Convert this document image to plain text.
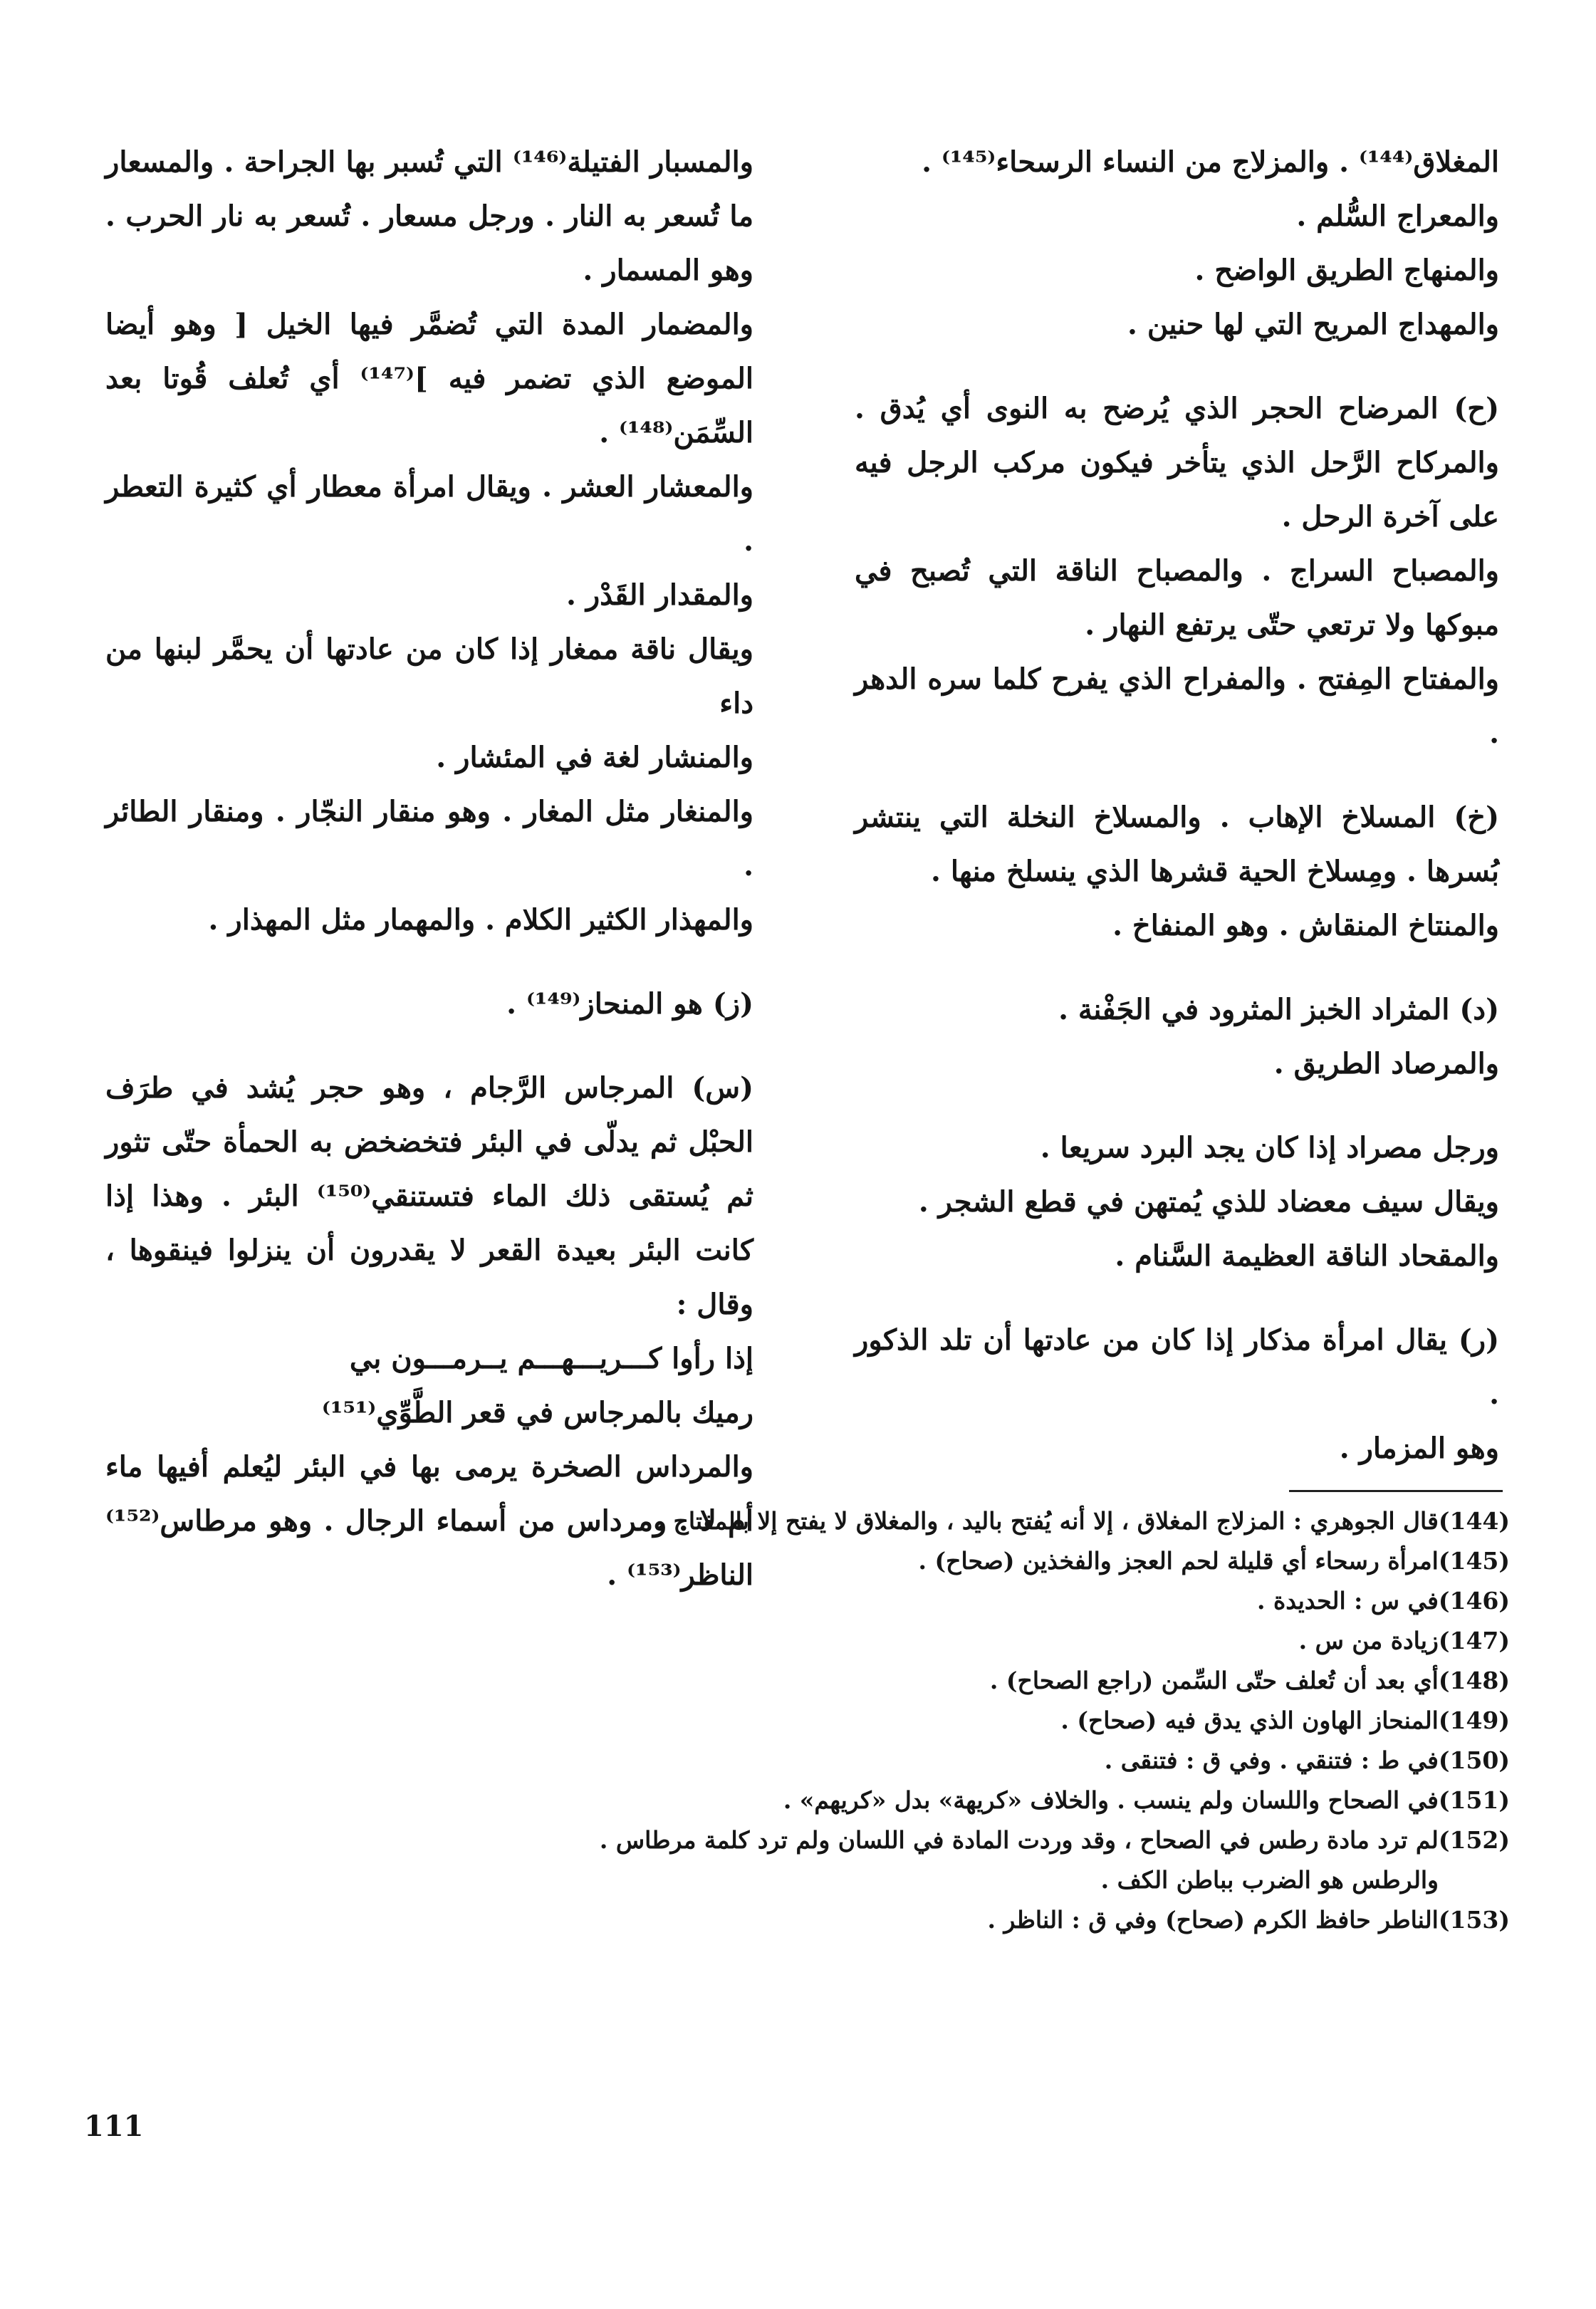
المغلاق⁽¹⁴⁴⁾ . والمزلاج من النساء الرسحاء⁽¹⁴⁵⁾ .

والمعراج السُّلم .

والمنهاج الطريق الواضح .

والمهداج المريح التي لها حنين .

(ح) المرضاح الحجر الذي يُرضح به النوى أي يُدق . والمركاح الرَّحل الذي يتأخر فيكون مركب الرجل فيه على آخرة الرحل .

والمصباح السراج . والمصباح الناقة التي تُصبح في مبوكها ولا ترتعي حتّى يرتفع النهار .

والمفتاح المِفتح . والمفراح الذي يفرح كلما سره الدهر .

(خ) المسلاخ الإهاب . والمسلاخ النخلة التي ينتشر بُسرها . ومِسلاخ الحية قشرها الذي ينسلخ منها .

والمنتاخ المنقاش . وهو المنفاخ .

(د) المثراد الخبز المثرود في الجَفْنة .

والمرصاد الطريق .

ورجل مصراد إذا كان يجد البرد سريعا .

ويقال سيف معضاد للذي يُمتهن في قطع الشجر .

والمقحاد الناقة العظيمة السَّنام .

(ر) يقال امرأة مذكار إذا كان من عادتها أن تلد الذكور .

وهو المزمار .

والمسبار الفتيلة⁽¹⁴⁶⁾ التي تُسبر بها الجراحة . والمسعار ما تُسعر به النار . ورجل مسعار . تُسعر به نار الحرب . وهو المسمار .

والمضمار المدة التي تُضمَّر فيها الخيل [ وهو أيضا الموضع الذي تضمر فيه ]⁽¹⁴⁷⁾ أي تُعلف قُوتا بعد السِّمَن⁽¹⁴⁸⁾ .

والمعشار العشر . ويقال امرأة معطار أي كثيرة التعطر .

والمقدار القَدْر .

ويقال ناقة ممغار إذا كان من عادتها أن يحمَّر لبنها من داء

والمنشار لغة في المئشار .

والمنغار مثل المغار . وهو منقار النجّار . ومنقار الطائر .

والمهذار الكثير الكلام . والمهمار مثل المهذار .

(ز) هو المنحاز⁽¹⁴⁹⁾ .

(س) المرجاس الرَّجام ، وهو حجر يُشد في طرَف الحبْل ثم يدلّى في البئر فتخضخض به الحمأة حتّى تثور ثم يُستقى ذلك الماء فتستنقي⁽¹⁵⁰⁾ البئر . وهذا إذا كانت البئر بعيدة القعر لا يقدرون أن ينزلوا فينقوها ، وقال :

إذا رأوا كـــريـــهـــم يــرمـــون بي

رميك بالمرجاس في قعر الطَّوِّي⁽¹⁵¹⁾

والمرداس الصخرة يرمى بها في البئر ليُعلم أفيها ماء أم لا . ومرداس من أسماء الرجال . وهو مرطاس⁽¹⁵²⁾ الناظر⁽¹⁵³⁾ .

(144)قال الجوهري : المزلاج المغلاق ، إلا أنه يُفتح باليد ، والمغلاق لا يفتح إلا بالمفتاح .

(145)امرأة رسحاء أي قليلة لحم العجز والفخذين (صحاح) .

(146)في س : الحديدة .

(147)زيادة من س .

(148)أي بعد أن تُعلف حتّى السِّمن (راجع الصحاح) .

(149)المنحاز الهاون الذي يدق فيه (صحاح) .

(150)في ط : فتنقي . وفي ق : فتنقى .

(151)في الصحاح واللسان ولم ينسب . والخلاف «كريهة» بدل «كريهم» .

(152)لم ترد مادة رطس في الصحاح ، وقد وردت المادة في اللسان ولم ترد كلمة مرطاس .

والرطس هو الضرب بباطن الكف .

(153)الناطر حافظ الكرم (صحاح) وفي ق : الناظر .

111
